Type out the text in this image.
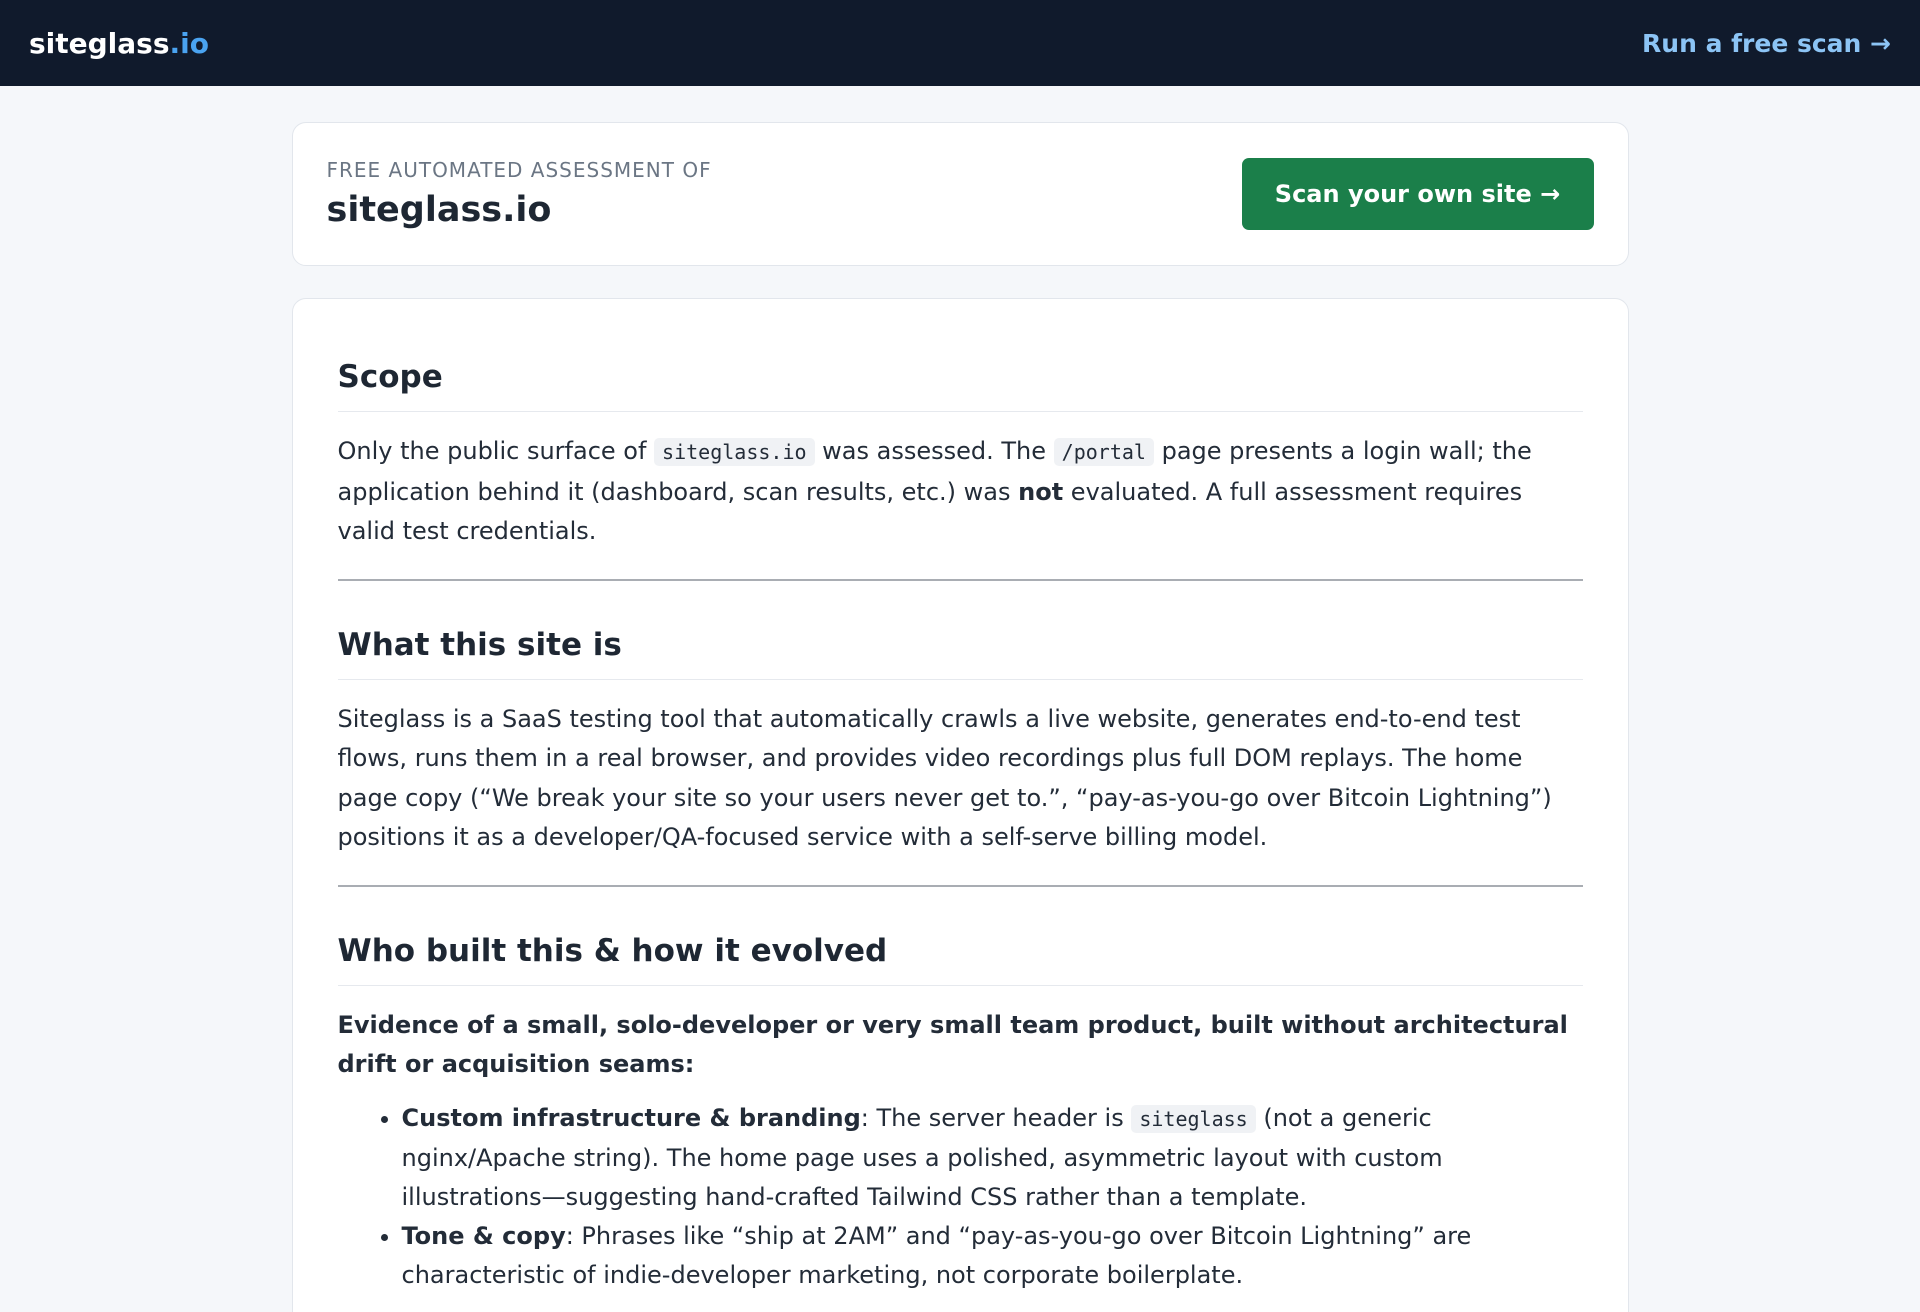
siteglass.io	Run a free scan →
FREE AUTOMATED ASSESSMENT OF
siteglass.io	Scan your own site →
Scope

Only the public surface of siteglass.io was assessed. The /portal page presents a login wall; the application behind it (dashboard, scan results, etc.) was not evaluated. A full assessment requires valid test credentials.

What this site is

Siteglass is a SaaS testing tool that automatically crawls a live website, generates end-to-end test flows, runs them in a real browser, and provides video recordings plus full DOM replays. The home page copy (“We break your site so your users never get to.”, “pay-as-you-go over Bitcoin Lightning”) positions it as a developer/QA-focused service with a self-serve billing model.

Who built this & how it evolved

Evidence of a small, solo-developer or very small team product, built without architectural drift or acquisition seams:

• Custom infrastructure & branding: The server header is siteglass (not a generic nginx/Apache string). The home page uses a polished, asymmetric layout with custom illustrations—suggesting hand-crafted Tailwind CSS rather than a template.
• Tone & copy: Phrases like “ship at 2AM” and “pay-as-you-go over Bitcoin Lightning” are characteristic of indie-developer marketing, not corporate boilerplate.
